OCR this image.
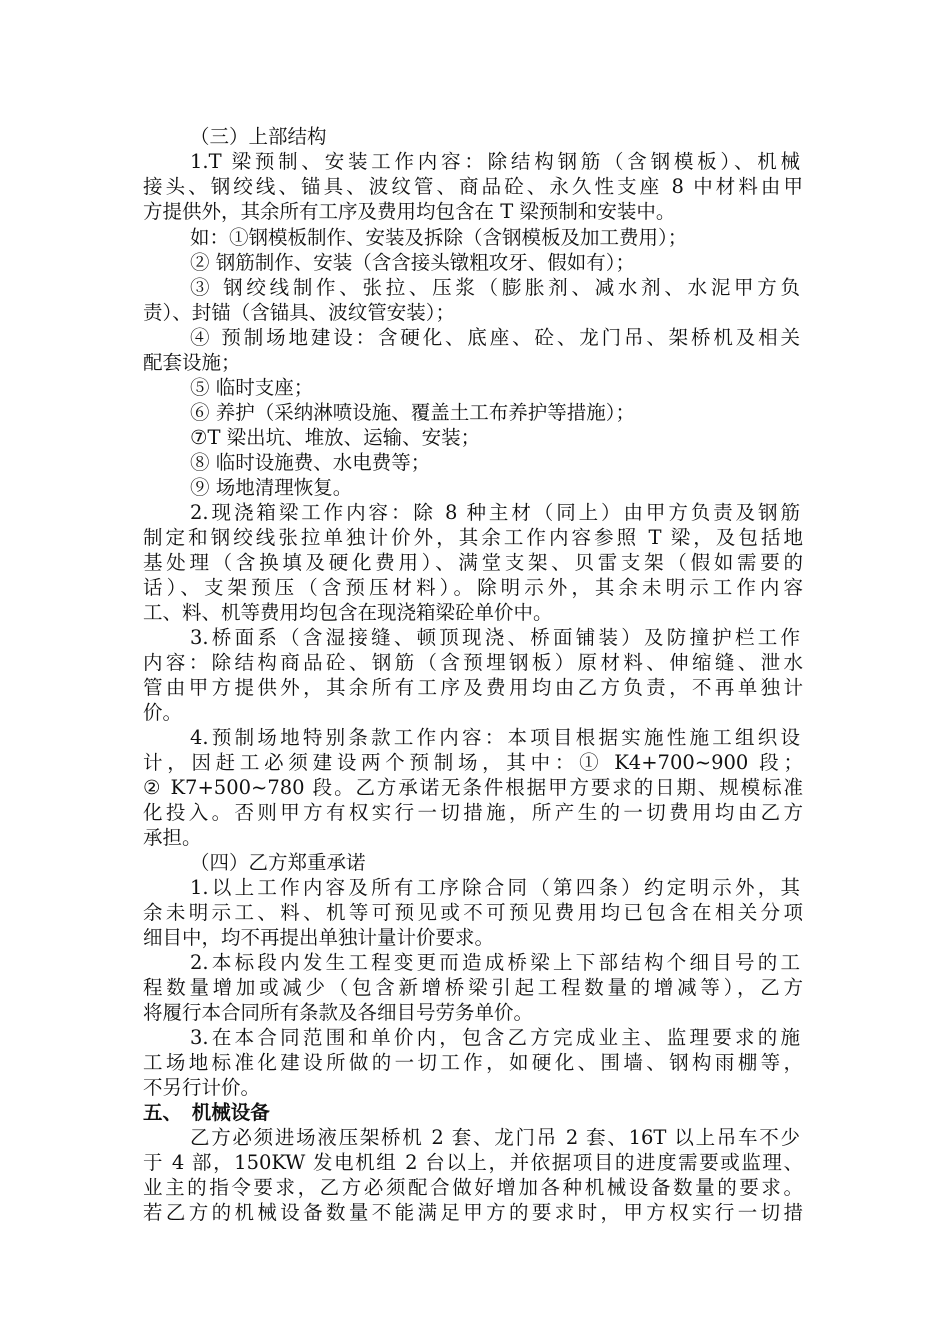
（三）上部结构
1.T 梁预制、安装工作内容：除结构钢筋（含钢模板）、机械
接头、钢绞线、锚具、波纹管、商品砼、永久性支座 8 中材料由甲
方提供外，其余所有工序及费用均包含在 T 梁预制和安装中。
如：①钢模板制作、安装及拆除（含钢模板及加工费用）；
② 钢筋制作、安装（含含接头镦粗攻牙、假如有）；
③ 钢绞线制作、张拉、压浆（膨胀剂、减水剂、水泥甲方负
责）、封锚（含锚具、波纹管安装）；
④ 预制场地建设：含硬化、底座、砼、龙门吊、架桥机及相关
配套设施；
⑤ 临时支座；
⑥ 养护（采纳淋喷设施、覆盖土工布养护等措施）；
⑦T 梁出坑、堆放、运输、安装；
⑧ 临时设施费、水电费等；
⑨ 场地清理恢复。
2.现浇箱梁工作内容：除 8 种主材（同上）由甲方负责及钢筋
制定和钢绞线张拉单独计价外，其余工作内容参照 T 梁，及包括地
基处理（含换填及硬化费用）、满堂支架、贝雷支架（假如需要的
话）、支架预压（含预压材料）。除明示外，其余未明示工作内容
工、料、机等费用均包含在现浇箱梁砼单价中。
3.桥面系（含湿接缝、顿顶现浇、桥面铺装）及防撞护栏工作
内容：除结构商品砼、钢筋（含预埋钢板）原材料、伸缩缝、泄水
管由甲方提供外，其余所有工序及费用均由乙方负责，不再单独计
价。
4.预制场地特别条款工作内容：本项目根据实施性施工组织设
计，因赶工必须建设两个预制场，其中：① K4+700~900 段；
② K7+500~780 段。乙方承诺无条件根据甲方要求的日期、规模标准
化投入。否则甲方有权实行一切措施，所产生的一切费用均由乙方
承担。
（四）乙方郑重承诺
1.以上工作内容及所有工序除合同（第四条）约定明示外，其
余未明示工、料、机等可预见或不可预见费用均已包含在相关分项
细目中，均不再提出单独计量计价要求。
2.本标段内发生工程变更而造成桥梁上下部结构个细目号的工
程数量增加或减少（包含新增桥梁引起工程数量的增减等），乙方
将履行本合同所有条款及各细目号劳务单价。
3.在本合同范围和单价内，包含乙方完成业主、监理要求的施
工场地标准化建设所做的一切工作，如硬化、围墙、钢构雨棚等，
不另行计价。
五、　机械设备
乙方必须进场液压架桥机 2 套、龙门吊 2 套、16T 以上吊车不少
于 4 部，150KW 发电机组 2 台以上，并依据项目的进度需要或监理、
业主的指令要求，乙方必须配合做好增加各种机械设备数量的要求。
若乙方的机械设备数量不能满足甲方的要求时，甲方权实行一切措
